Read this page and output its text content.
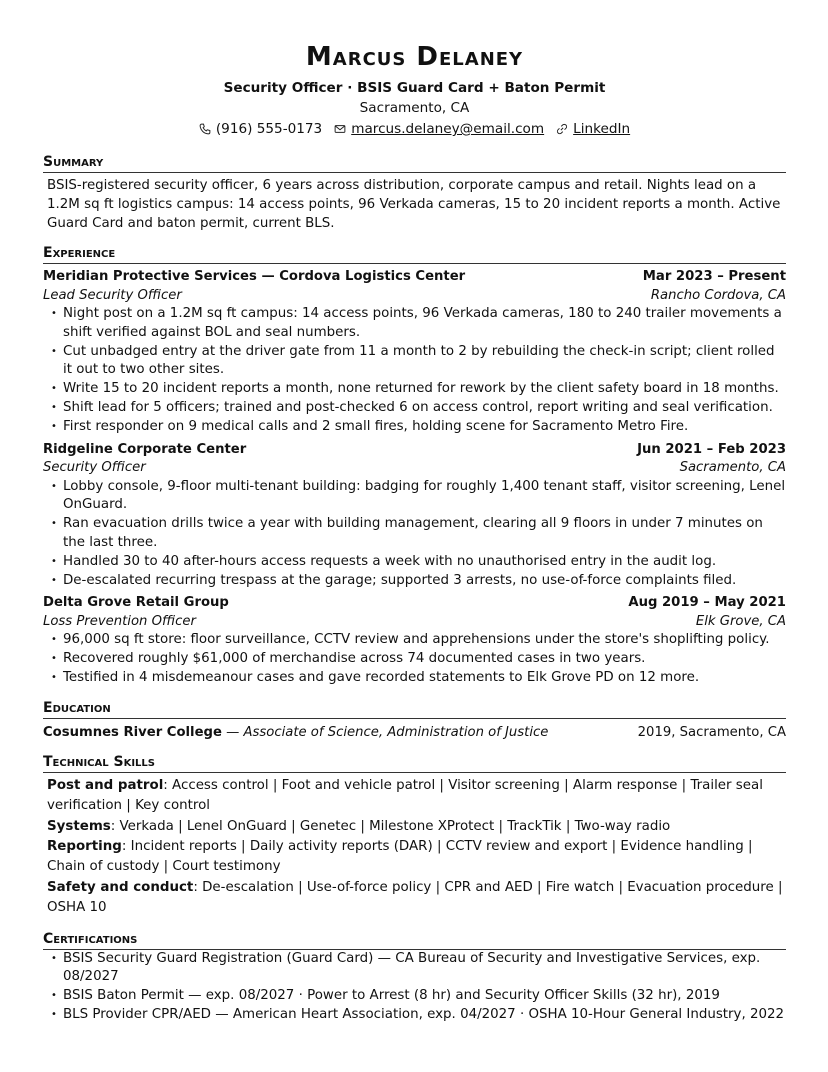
Marcus Delaney
Security Officer · BSIS Guard Card + Baton Permit
Sacramento, CA
(916) 555-0173 marcus.delaney@email.com LinkedIn
Summary
BSIS-registered security officer, 6 years across distribution, corporate campus and retail. Nights lead on a 1.2M sq ft logistics campus: 14 access points, 96 Verkada cameras, 15 to 20 incident reports a month. Active Guard Card and baton permit, current BLS.
Experience
Meridian Protective Services — Cordova Logistics Center	Mar 2023 – Present
Lead Security Officer	Rancho Cordova, CA
• Night post on a 1.2M sq ft campus: 14 access points, 96 Verkada cameras, 180 to 240 trailer movements a shift verified against BOL and seal numbers.
• Cut unbadged entry at the driver gate from 11 a month to 2 by rebuilding the check-in script; client rolled it out to two other sites.
• Write 15 to 20 incident reports a month, none returned for rework by the client safety board in 18 months.
• Shift lead for 5 officers; trained and post-checked 6 on access control, report writing and seal verification.
• First responder on 9 medical calls and 2 small fires, holding scene for Sacramento Metro Fire.
Ridgeline Corporate Center	Jun 2021 – Feb 2023
Security Officer	Sacramento, CA
• Lobby console, 9-floor multi-tenant building: badging for roughly 1,400 tenant staff, visitor screening, Lenel OnGuard.
• Ran evacuation drills twice a year with building management, clearing all 9 floors in under 7 minutes on the last three.
• Handled 30 to 40 after-hours access requests a week with no unauthorised entry in the audit log.
• De-escalated recurring trespass at the garage; supported 3 arrests, no use-of-force complaints filed.
Delta Grove Retail Group	Aug 2019 – May 2021
Loss Prevention Officer	Elk Grove, CA
• 96,000 sq ft store: floor surveillance, CCTV review and apprehensions under the store's shoplifting policy.
• Recovered roughly $61,000 of merchandise across 74 documented cases in two years.
• Testified in 4 misdemeanour cases and gave recorded statements to Elk Grove PD on 12 more.
Education
Cosumnes River College — Associate of Science, Administration of Justice	2019, Sacramento, CA
Technical Skills
Post and patrol: Access control | Foot and vehicle patrol | Visitor screening | Alarm response | Trailer seal verification | Key control
Systems: Verkada | Lenel OnGuard | Genetec | Milestone XProtect | TrackTik | Two-way radio
Reporting: Incident reports | Daily activity reports (DAR) | CCTV review and export | Evidence handling | Chain of custody | Court testimony
Safety and conduct: De-escalation | Use-of-force policy | CPR and AED | Fire watch | Evacuation procedure | OSHA 10
Certifications
• BSIS Security Guard Registration (Guard Card) — CA Bureau of Security and Investigative Services, exp. 08/2027
• BSIS Baton Permit — exp. 08/2027 · Power to Arrest (8 hr) and Security Officer Skills (32 hr), 2019
• BLS Provider CPR/AED — American Heart Association, exp. 04/2027 · OSHA 10-Hour General Industry, 2022
